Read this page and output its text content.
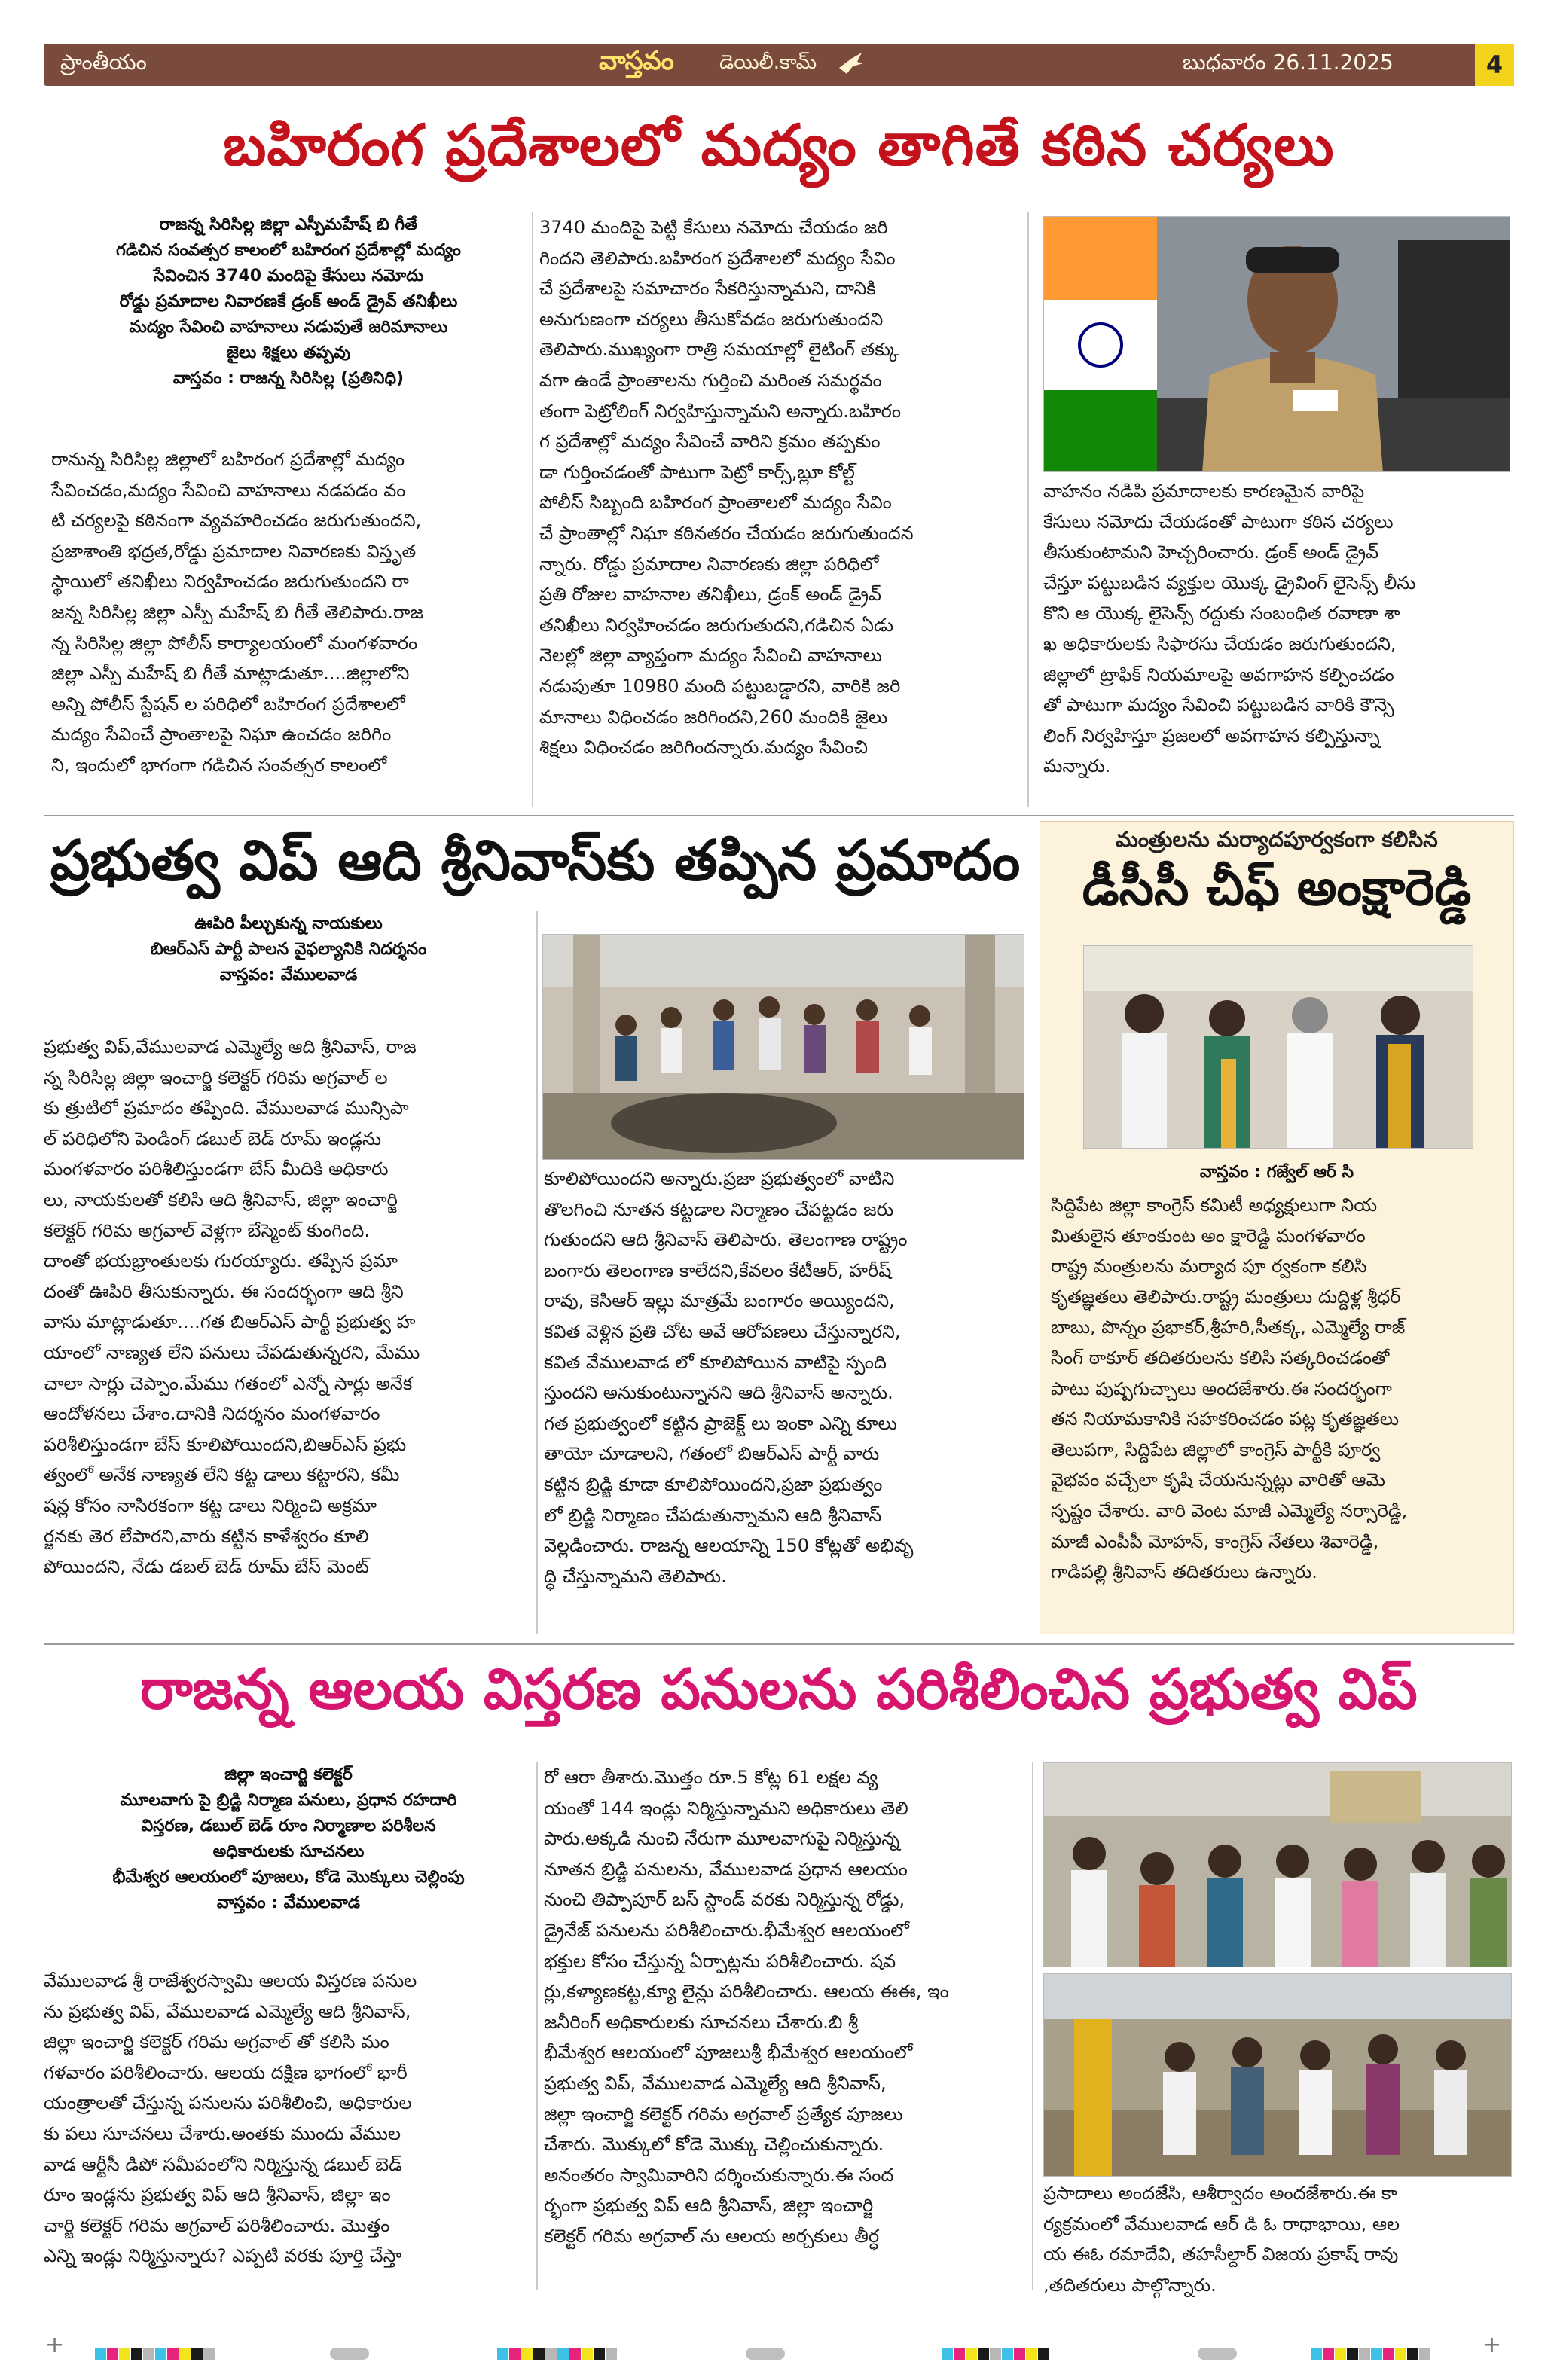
ప్రాంతీయం	వాస్తవం డెయిలీ.కామ్	బుధవారం 26.11.2025	4
బహిరంగ ప్రదేశాలలో మద్యం తాగితే కఠిన చర్యలు
రాజన్న సిరిసిల్ల జిల్లా ఎస్పీమహేష్ బి గీతే
గడిచిన సంవత్సర కాలంలో బహిరంగ ప్రదేశాల్లో మద్యం
సేవించిన 3740 మందిపై కేసులు నమోదు
రోడ్డు ప్రమాదాల నివారణకే డ్రంక్ అండ్ డ్రైవ్ తనిఖీలు
మద్యం సేవించి వాహనాలు నడుపుతే జరిమానాలు
జైలు శిక్షలు తప్పవు
వాస్తవం : రాజన్న సిరిసిల్ల (ప్రతినిధి)

రానున్న సిరిసిల్ల జిల్లాలో బహిరంగ ప్రదేశాల్లో మద్యం

సేవించడం,మద్యం సేవించి వాహనాలు నడపడం వం

టి చర్యలపై కఠినంగా వ్యవహరించడం జరుగుతుందని,

ప్రజాశాంతి భద్రత,రోడ్డు ప్రమాదాల నివారణకు విస్తృత

స్థాయిలో తనిఖీలు నిర్వహించడం జరుగుతుందని రా

జన్న సిరిసిల్ల జిల్లా ఎస్పీ మహేష్ బి గీతే తెలిపారు.రాజ

న్న సిరిసిల్ల జిల్లా పోలీస్ కార్యాలయంలో మంగళవారం

జిల్లా ఎస్పీ మహేష్ బి గీతే మాట్లాడుతూ....జిల్లాలోని

అన్ని పోలీస్ స్టేషన్ ల పరిధిలో బహిరంగ ప్రదేశాలలో

మద్యం సేవించే ప్రాంతాలపై నిఘా ఉంచడం జరిగిం

ని, ఇందులో భాగంగా గడిచిన సంవత్సర కాలంలో

3740 మందిపై పెట్టి కేసులు నమోదు చేయడం జరి

గిందని తెలిపారు.బహిరంగ ప్రదేశాలలో మద్యం సేవిం

చే ప్రదేశాలపై సమాచారం సేకరిస్తున్నామని, దానికి

అనుగుణంగా చర్యలు తీసుకోవడం జరుగుతుందని

తెలిపారు.ముఖ్యంగా రాత్రి సమయాల్లో లైటింగ్ తక్కు

వగా ఉండే ప్రాంతాలను గుర్తించి మరింత సమర్థవం

తంగా పెట్రోలింగ్ నిర్వహిస్తున్నామని అన్నారు.బహిరం

గ ప్రదేశాల్లో మద్యం సేవించే వారిని క్రమం తప్పకుం

డా గుర్తించడంతో పాటుగా పెట్రో కార్స్,బ్లూ కోల్ట్

పోలీస్ సిబ్బంది బహిరంగ ప్రాంతాలలో మద్యం సేవిం

చే ప్రాంతాల్లో నిఘా కఠినతరం చేయడం జరుగుతుందన

న్నారు. రోడ్డు ప్రమాదాల నివారణకు జిల్లా పరిధిలో

ప్రతి రోజుల వాహనాల తనిఖీలు, డ్రంక్ అండ్ డ్రైవ్

తనిఖీలు నిర్వహించడం జరుగుతుదని,గడిచిన ఏడు

నెలల్లో జిల్లా వ్యాప్తంగా మద్యం సేవించి వాహనాలు

నడుపుతూ 10980 మంది పట్టుబడ్డారని, వారికి జరి

మానాలు విధించడం జరిగిందని,260 మందికి జైలు

శిక్షలు విధించడం జరిగిందన్నారు.మద్యం సేవించి

వాహనం నడిపి ప్రమాదాలకు కారణమైన వారిపై

కేసులు నమోదు చేయడంతో పాటుగా కఠిన చర్యలు

తీసుకుంటామని హెచ్చరించారు. డ్రంక్ అండ్ డ్రైవ్

చేస్తూ పట్టుబడిన వ్యక్తుల యొక్క డ్రైవింగ్ లైసెన్స్ లీను

కొని ఆ యొక్క లైసెన్స్ రద్దుకు సంబంధిత రవాణా శా

ఖ అధికారులకు సిఫారసు చేయడం జరుగుతుందని,

జిల్లాలో ట్రాఫిక్ నియమాలపై అవగాహన కల్పించడం

తో పాటుగా మద్యం సేవించి పట్టుబడిన వారికి కౌన్సె

లింగ్ నిర్వహిస్తూ ప్రజలలో అవగాహన కల్పిస్తున్నా

మన్నారు.

ప్రభుత్వ విప్ ఆది శ్రీనివాస్‌కు తప్పిన ప్రమాదం
ఊపిరి పీల్చుకున్న నాయకులు
బిఆర్ఎస్ పార్టీ పాలన వైఫల్యానికి నిదర్శనం
వాస్తవం: వేములవాడ

ప్రభుత్వ విప్,వేములవాడ ఎమ్మెల్యే ఆది శ్రీనివాస్, రాజ

న్న సిరిసిల్ల జిల్లా ఇంచార్జి కలెక్టర్ గరిమ అగ్రవాల్ ల

కు త్రుటిలో ప్రమాదం తప్పింది. వేములవాడ మున్సిపా

ల్ పరిధిలోని పెండింగ్ డబుల్ బెడ్ రూమ్ ఇండ్లను

మంగళవారం పరిశీలిస్తుండగా బేస్ మీదికి అధికారు

లు, నాయకులతో కలిసి ఆది శ్రీనివాస్, జిల్లా ఇంచార్జి

కలెక్టర్ గరిమ అగ్రవాల్ వెళ్లగా బేస్మెంట్ కుంగింది.

దాంతో భయభ్రాంతులకు గురయ్యారు. తప్పిన ప్రమా

దంతో ఊపిరి తీసుకున్నారు. ఈ సందర్భంగా ఆది శ్రీని

వాసు మాట్లాడుతూ....గత బిఆర్ఎస్ పార్టీ ప్రభుత్వ హ

యాంలో నాణ్యత లేని పనులు చేపడుతున్నరని, మేము

చాలా సార్లు చెప్పాం.మేము గతంలో ఎన్నో సార్లు అనేక

ఆందోళనలు చేశాం.దానికి నిదర్శనం మంగళవారం

పరిశీలిస్తుండగా బేస్ కూలిపోయిందని,బిఆర్ఎస్ ప్రభు

త్వంలో అనేక నాణ్యత లేని కట్ట డాలు కట్టారని, కమీ

షన్ల కోసం నాసిరకంగా కట్ట డాలు నిర్మించి అక్రమా

ర్జనకు తెర లేపారని,వారు కట్టిన కాళేశ్వరం కూలి

పోయిందని, నేడు డబల్ బెడ్ రూమ్ బేస్ మెంట్

కూలిపోయిందని అన్నారు.ప్రజా ప్రభుత్వంలో వాటిని

తొలగించి నూతన కట్టడాల నిర్మాణం చేపట్టడం జరు

గుతుందని ఆది శ్రీనివాస్ తెలిపారు. తెలంగాణ రాష్ట్రం

బంగారు తెలంగాణ కాలేదని,కేవలం కేటీఆర్, హరీష్

రావు, కెసిఆర్ ఇల్లు మాత్రమే బంగారం అయ్యిందని,

కవిత వెళ్లిన ప్రతి చోట అవే ఆరోపణలు చేస్తున్నారని,

కవిత వేములవాడ లో కూలిపోయిన వాటిపై స్పంది

స్తుందని అనుకుంటున్నానని ఆది శ్రీనివాస్ అన్నారు.

గత ప్రభుత్వంలో కట్టిన ప్రాజెక్ట్ లు ఇంకా ఎన్ని కూలు

తాయో చూడాలని, గతంలో బిఆర్ఎస్ పార్టీ వారు

కట్టిన బ్రిడ్జి కూడా కూలిపోయిందని,ప్రజా ప్రభుత్వం

లో బ్రిడ్జి నిర్మాణం చేపడుతున్నామని ఆది శ్రీనివాస్

వెల్లడించారు. రాజన్న ఆలయాన్ని 150 కోట్లతో అభివృ

ద్ధి చేస్తున్నామని తెలిపారు.

మంత్రులను మర్యాదపూర్వకంగా కలిసిన
డీసీసీ చీఫ్ అంక్షారెడ్డి
వాస్తవం : గజ్వేల్ ఆర్ సి

సిద్దిపేట జిల్లా కాంగ్రెస్ కమిటీ అధ్యక్షులుగా నియ

మితులైన తూంకుంట అం క్షారెడ్డి మంగళవారం

రాష్ట్ర మంత్రులను మర్యాద పూ ర్వకంగా కలిసి

కృతజ్ఞతలు తెలిపారు.రాష్ట్ర మంత్రులు దుద్దిళ్ల శ్రీధర్

బాబు, పొన్నం ప్రభాకర్,శ్రీహరి,సీతక్క, ఎమ్మెల్యే రాజ్

సింగ్ ఠాకూర్ తదితరులను కలిసి సత్కరించడంతో

పాటు పుష్పగుచ్చాలు అందజేశారు.ఈ సందర్భంగా

తన నియామకానికి సహకరించడం పట్ల కృతజ్ఞతలు

తెలుపగా, సిద్దిపేట జిల్లాలో కాంగ్రెస్ పార్టీకి పూర్వ

వైభవం వచ్చేలా కృషి చేయనున్నట్లు వారితో ఆమె

స్పష్టం చేశారు. వారి వెంట మాజీ ఎమ్మెల్యే నర్సారెడ్డి,

మాజీ ఎంపీపీ మోహన్, కాంగ్రెస్ నేతలు శివారెడ్డి,

గాడిపల్లి శ్రీనివాస్ తదితరులు ఉన్నారు.

రాజన్న ఆలయ విస్తరణ పనులను పరిశీలించిన ప్రభుత్వ విప్
జిల్లా ఇంచార్జి కలెక్టర్
మూలవాగు పై బ్రిడ్జి నిర్మాణ పనులు, ప్రధాన రహదారి
విస్తరణ, డబుల్ బెడ్ రూం నిర్మాణాల పరిశీలన
అధికారులకు సూచనలు
భీమేశ్వర ఆలయంలో పూజలు, కోడె మొక్కులు చెల్లింపు
వాస్తవం : వేములవాడ

వేములవాడ శ్రీ రాజేశ్వరస్వామి ఆలయ విస్తరణ పనుల

ను ప్రభుత్వ విప్, వేములవాడ ఎమ్మెల్యే ఆది శ్రీనివాస్,

జిల్లా ఇంచార్జి కలెక్టర్ గరిమ అగ్రవాల్ తో కలిసి మం

గళవారం పరిశీలించారు. ఆలయ దక్షిణ భాగంలో భారీ

యంత్రాలతో చేస్తున్న పనులను పరిశీలించి, అధికారుల

కు పలు సూచనలు చేశారు.అంతకు ముందు వేముల

వాడ ఆర్టీసీ డిపో సమీపంలోని నిర్మిస్తున్న డబుల్ బెడ్

రూం ఇండ్లను ప్రభుత్వ విప్ ఆది శ్రీనివాస్, జిల్లా ఇం

చార్జి కలెక్టర్ గరిమ అగ్రవాల్ పరిశీలించారు. మొత్తం

ఎన్ని ఇండ్లు నిర్మిస్తున్నారు? ఎప్పటి వరకు పూర్తి చేస్తా

రో ఆరా తీశారు.మొత్తం రూ.5 కోట్ల 61 లక్షల వ్య

యంతో 144 ఇండ్లు నిర్మిస్తున్నామని అధికారులు తెలి

పారు.అక్కడి నుంచి నేరుగా మూలవాగుపై నిర్మిస్తున్న

నూతన బ్రిడ్జి పనులను, వేములవాడ ప్రధాన ఆలయం

నుంచి తిప్పాపూర్ బస్ స్టాండ్ వరకు నిర్మిస్తున్న రోడ్డు,

డ్రైనేజ్ పనులను పరిశీలించారు.భీమేశ్వర ఆలయంలో

భక్తుల కోసం చేస్తున్న ఏర్పాట్లను పరిశీలించారు. షవ

ర్లు,కళ్యాణకట్ట,క్యూ లైన్లు పరిశీలించారు. ఆలయ ఈఈ, ఇం

జనీరింగ్ అధికారులకు సూచనలు చేశారు.బి శ్రీ

భీమేశ్వర ఆలయంలో పూజలుశ్రీ భీమేశ్వర ఆలయంలో

ప్రభుత్వ విప్, వేములవాడ ఎమ్మెల్యే ఆది శ్రీనివాస్,

జిల్లా ఇంచార్జి కలెక్టర్ గరిమ అగ్రవాల్ ప్రత్యేక పూజలు

చేశారు. మొక్కులో కోడె మొక్కు చెల్లించుకున్నారు.

అనంతరం స్వామివారిని దర్శించుకున్నారు.ఈ సంద

ర్భంగా ప్రభుత్వ విప్ ఆది శ్రీనివాస్, జిల్లా ఇంచార్జి

కలెక్టర్ గరిమ అగ్రవాల్ ను ఆలయ అర్చకులు తీర్ధ

ప్రసాదాలు అందజేసి, ఆశీర్వాదం అందజేశారు.ఈ కా

ర్యక్రమంలో వేములవాడ ఆర్ డి ఓ రాధాభాయి, ఆల

య ఈఓ రమాదేవి, తహసీల్దార్ విజయ ప్రకాష్ రావు

,తదితరులు పాల్గొన్నారు.

+	+
